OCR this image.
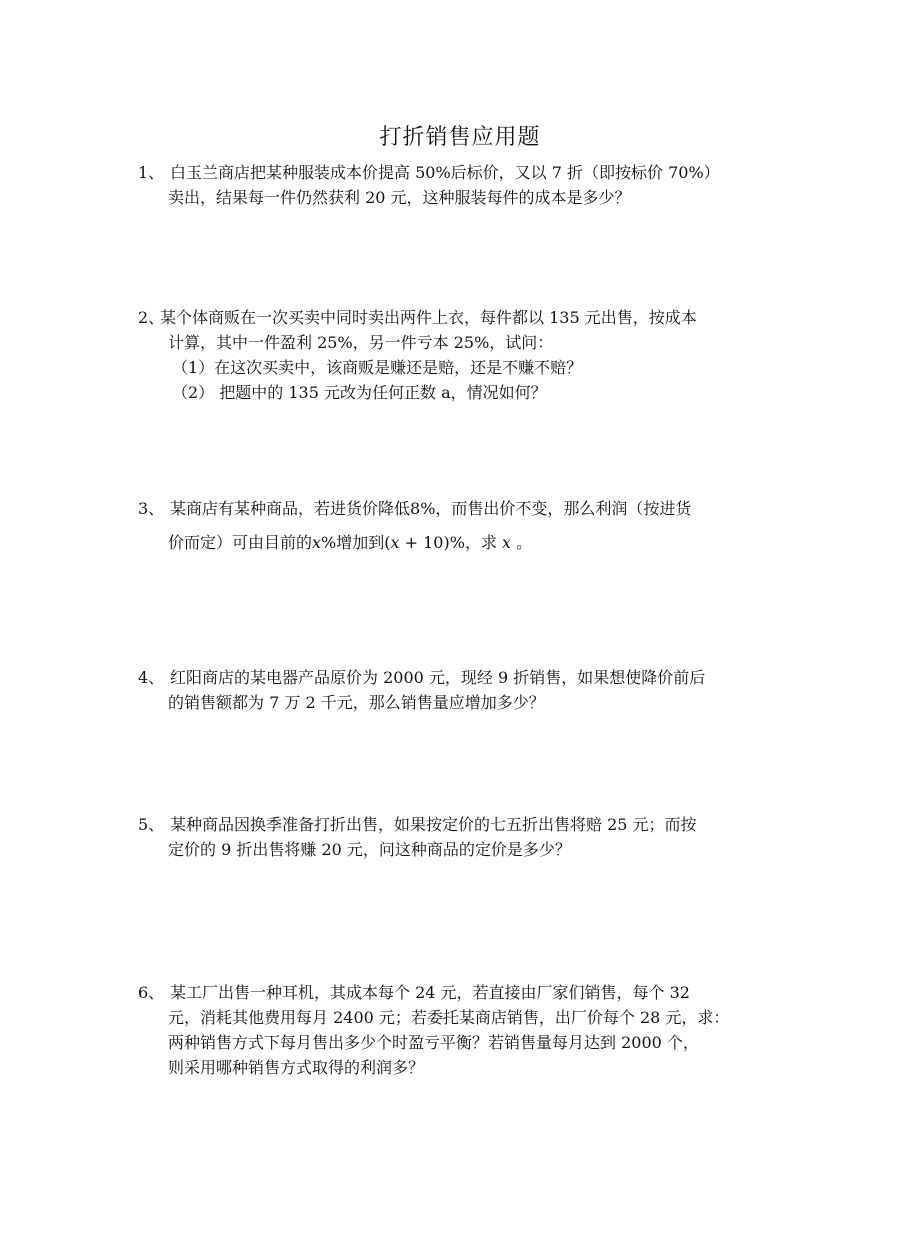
打折销售应用题
1、 白玉兰商店把某种服装成本价提高 50%后标价，又以 7 折（即按标价 70%）
卖出，结果每一件仍然获利 20 元，这种服装每件的成本是多少？
2、
某个体商贩在一次买卖中同时卖出两件上衣，每件都以 135 元出售，按成本
计算，其中一件盈利 25%，另一件亏本 25%，试问：
（1）在这次买卖中，该商贩是赚还是赔，还是不赚不赔？
（2） 把题中的 135 元改为任何正数 a，情况如何？
3、 某商店有某种商品，若进货价降低8%，而售出价不变，那么利润（按进货
价而定）可由目前的x%增加到(x + 10)%，求 x 。
4、 红阳商店的某电器产品原价为 2000 元，现经 9 折销售，如果想使降价前后
的销售额都为 7 万 2 千元，那么销售量应增加多少？
5、 某种商品因换季准备打折出售，如果按定价的七五折出售将赔 25 元；而按
定价的 9 折出售将赚 20 元，问这种商品的定价是多少？
6、 某工厂出售一种耳机，其成本每个 24 元，若直接由厂家们销售，每个 32
元，消耗其他费用每月 2400 元；若委托某商店销售，出厂价每个 28 元，求：
两种销售方式下每月售出多少个时盈亏平衡？若销售量每月达到 2000 个，
则采用哪种销售方式取得的利润多？
